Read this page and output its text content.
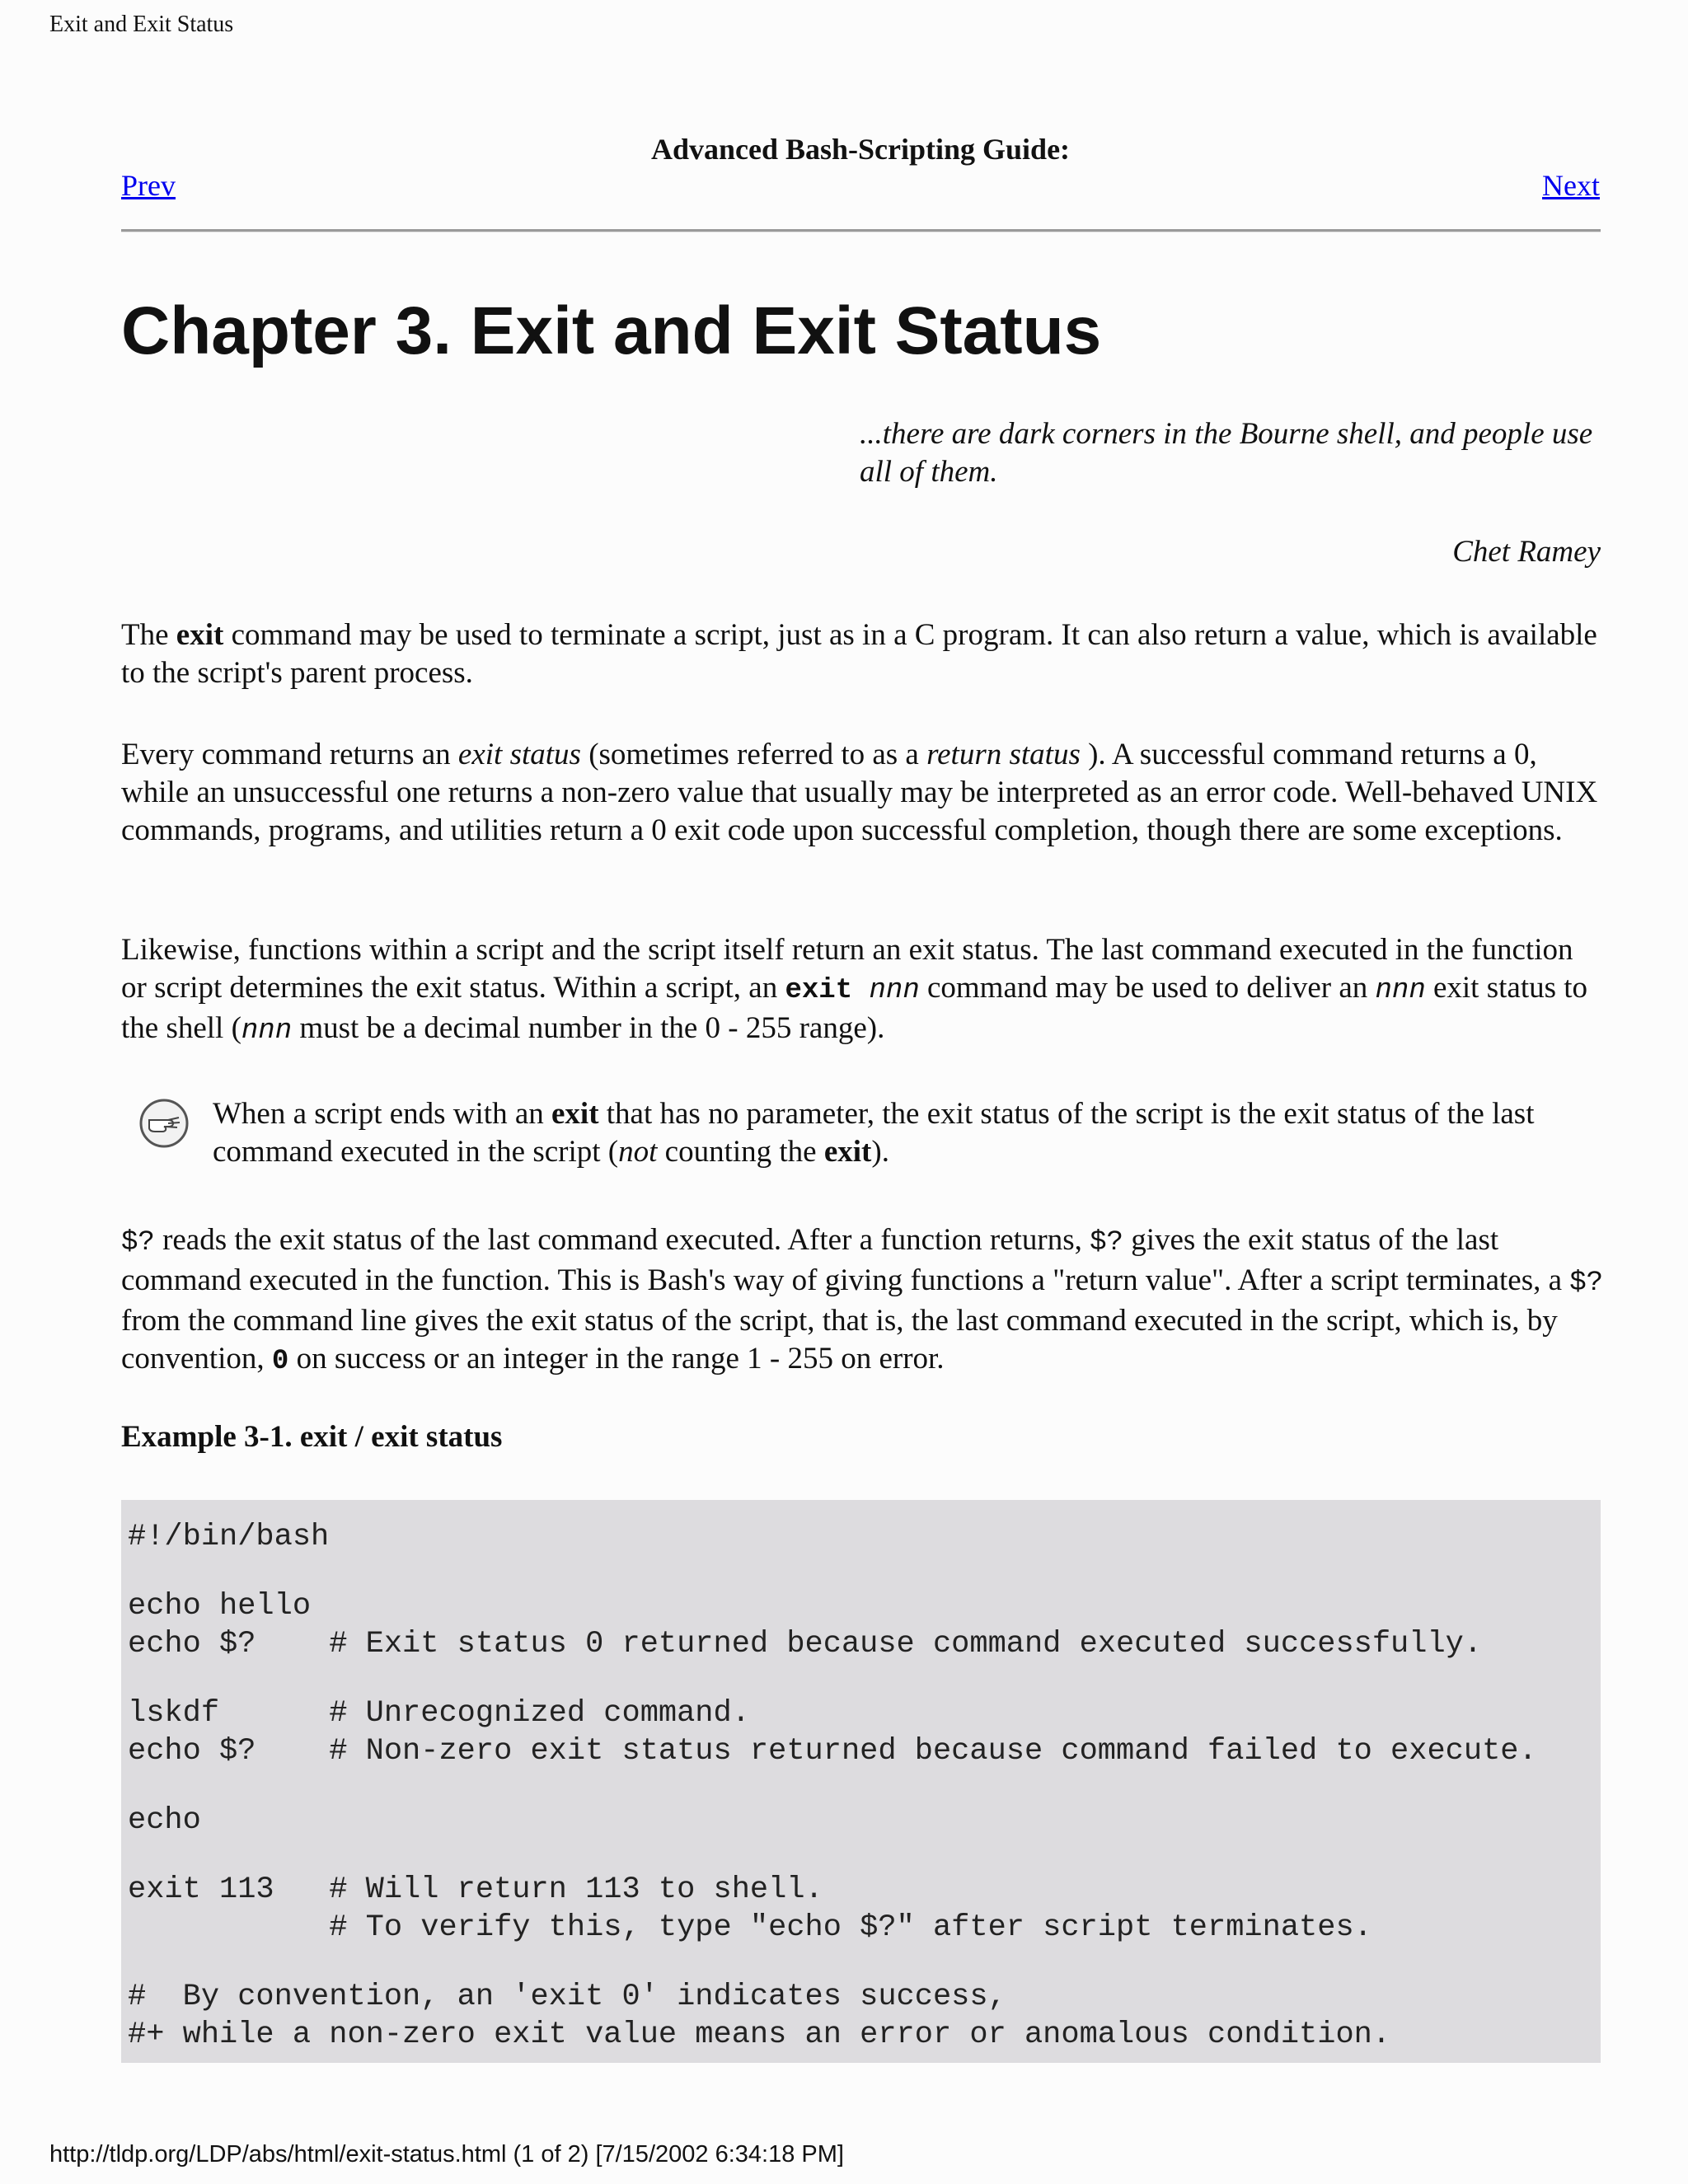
Exit and Exit Status
Advanced Bash-Scripting Guide:
Prev	Next
Chapter 3. Exit and Exit Status
...there are dark corners in the Bourne shell, and people use all of them.
Chet Ramey

The exit command may be used to terminate a script, just as in a C program. It can also return a value, which is available to the script's parent process.

Every command returns an exit status (sometimes referred to as a return status ). A successful command returns a 0, while an unsuccessful one returns a non-zero value that usually may be interpreted as an error code. Well-behaved UNIX commands, programs, and utilities return a 0 exit code upon successful completion, though there are some exceptions.

Likewise, functions within a script and the script itself return an exit status. The last command executed in the function or script determines the exit status. Within a script, an exit nnn command may be used to deliver an nnn exit status to the shell (nnn must be a decimal number in the 0 - 255 range).

When a script ends with an exit that has no parameter, the exit status of the script is the exit status of the last command executed in the script (not counting the exit).

$? reads the exit status of the last command executed. After a function returns, $? gives the exit status of the last command executed in the function. This is Bash's way of giving functions a "return value". After a script terminates, a $? from the command line gives the exit status of the script, that is, the last command executed in the script, which is, by convention, 0 on success or an integer in the range 1 - 255 on error.

Example 3-1. exit / exit status
#!/bin/bash
echo hello
echo $?    # Exit status 0 returned because command executed successfully.
lskdf      # Unrecognized command.
echo $?    # Non-zero exit status returned because command failed to execute.
echo
exit 113   # Will return 113 to shell.
# To verify this, type "echo $?" after script terminates.
#  By convention, an 'exit 0' indicates success,
#+ while a non-zero exit value means an error or anomalous condition.
http://tldp.org/LDP/abs/html/exit-status.html (1 of 2) [7/15/2002 6:34:18 PM]
